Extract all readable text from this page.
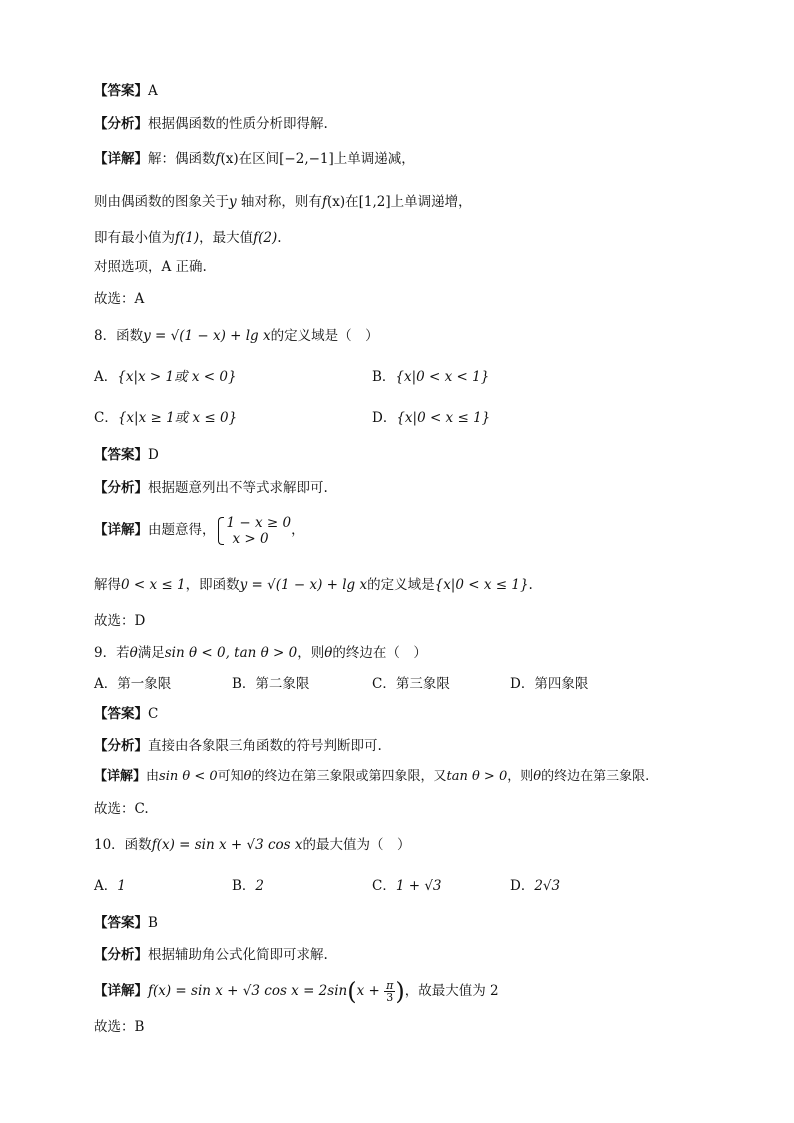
【答案】A
【分析】根据偶函数的性质分析即得解.
【详解】解：偶函数f(x)在区间[−2,−1]上单调递减，
则由偶函数的图象关于y 轴对称，则有f(x)在[1,2]上单调递增，
即有最小值为f(1)，最大值f(2).
对照选项，A 正确.
故选：A
8．函数y = √(1 − x) + lg x的定义域是（　）
A．{x|x > 1或 x < 0}	B．{x|0 < x < 1}
C．{x|x ≥ 1或 x ≤ 0}	D．{x|0 < x ≤ 1}
【答案】D
【分析】根据题意列出不等式求解即可.
【详解】由题意得， 1 − x ≥ 0
x > 0
，
解得0 < x ≤ 1，即函数y = √(1 − x) + lg x的定义域是{x|0 < x ≤ 1}.
故选：D
9．若θ满足sin θ < 0, tan θ > 0，则θ的终边在（　）
A．第一象限	B．第二象限	C．第三象限	D．第四象限
【答案】C
【分析】直接由各象限三角函数的符号判断即可.
【详解】由sin θ < 0可知θ的终边在第三象限或第四象限，又tan θ > 0，则θ的终边在第三象限.
故选：C.
10．函数f(x) = sin x + √3 cos x的最大值为（　）
A．1	B．2	C．1 + √3	D．2√3
【答案】B
【分析】根据辅助角公式化简即可求解.
【详解】f(x) = sin x + √3 $\cos x = 2\sin(x + \frac{\pi}{3}$ )，故最大值为 2
故选：B
